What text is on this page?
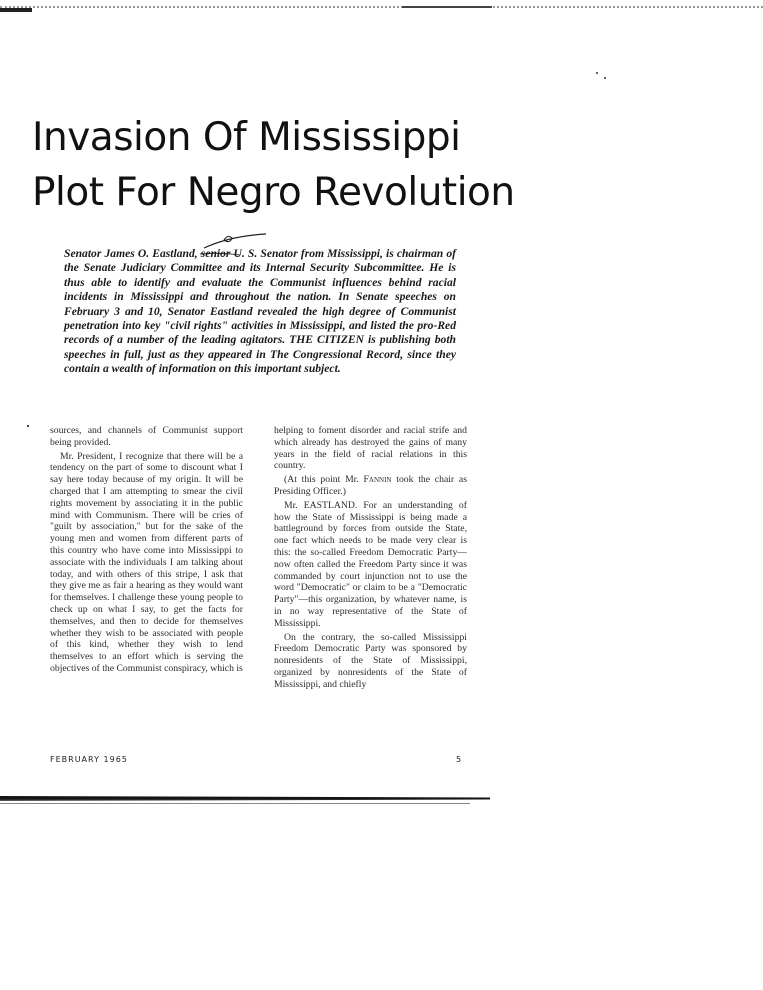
Invasion Of Mississippi
Plot For Negro Revolution
Senator James O. Eastland, senior U. S. Senator from Mississippi, is chairman of the Senate Judiciary Committee and its Internal Security Subcommittee. He is thus able to identify and evaluate the Communist influences behind racial incidents in Mississippi and throughout the nation. In Senate speeches on February 3 and 10, Senator Eastland revealed the high degree of Communist penetration into key "civil rights" activities in Mississippi, and listed the pro-Red records of a number of the leading agitators. THE CITIZEN is publishing both speeches in full, just as they appeared in The Congressional Record, since they contain a wealth of information on this important subject.

sources, and channels of Communist support being provided.

Mr. President, I recognize that there will be a tendency on the part of some to discount what I say here today because of my origin. It will be charged that I am attempting to smear the civil rights movement by associating it in the public mind with Communism. There will be cries of "guilt by association," but for the sake of the young men and women from different parts of this country who have come into Mississippi to associate with the individuals I am talking about today, and with others of this stripe, I ask that they give me as fair a hearing as they would want for themselves. I challenge these young people to check up on what I say, to get the facts for themselves, and then to decide for themselves whether they wish to be associated with people of this kind, whether they wish to lend themselves to an effort which is serving the objectives of the Communist conspiracy, which is

helping to foment disorder and racial strife and which already has destroyed the gains of many years in the field of racial relations in this country.

(At this point Mr. Fannin took the chair as Presiding Officer.)

Mr. EASTLAND. For an understanding of how the State of Mississippi is being made a battleground by forces from outside the State, one fact which needs to be made very clear is this: the so-called Freedom Democratic Party—now often called the Freedom Party since it was commanded by court injunction not to use the word "Democratic" or claim to be a "Democratic Party"—this organization, by whatever name, is in no way representative of the State of Mississippi.

On the contrary, the so-called Mississippi Freedom Democratic Party was sponsored by nonresidents of the State of Mississippi, organized by nonresidents of the State of Mississippi, and chiefly

FEBRUARY 1965	5
